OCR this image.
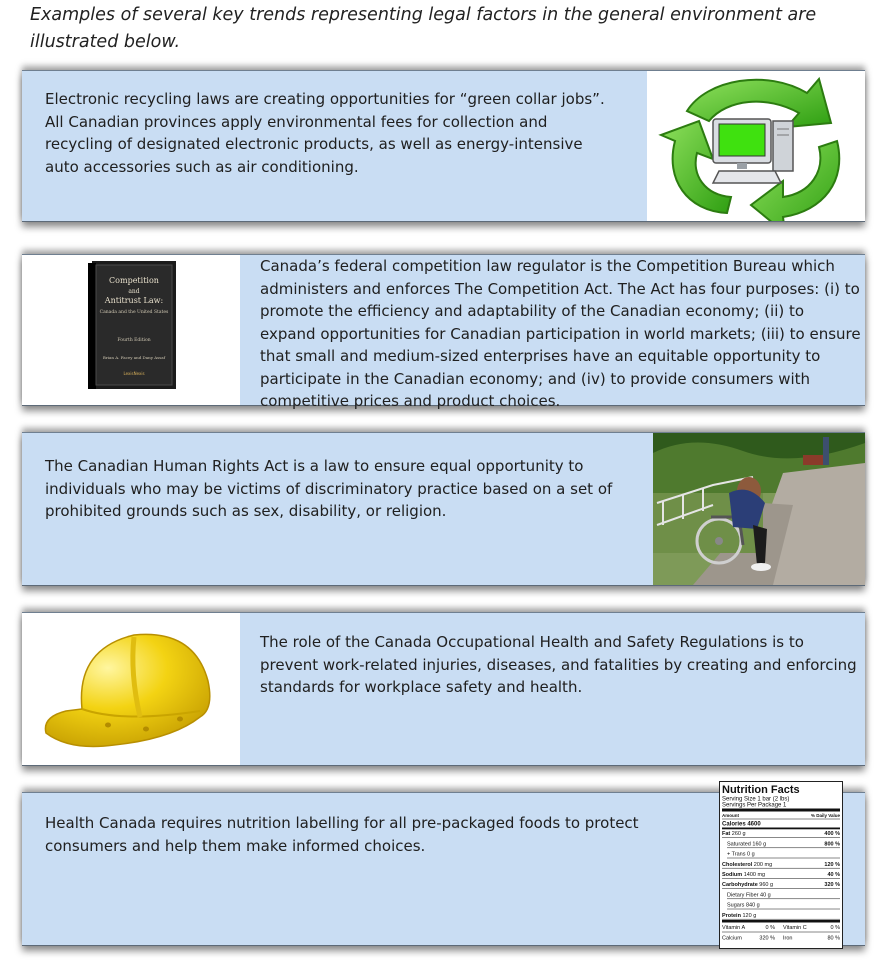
Examples of several key trends representing legal factors in the general environment are illustrated below.
Electronic recycling laws are creating opportunities for “green collar jobs”. All Canadian provinces apply environmental fees for collection and recycling of designated electronic products, as well as energy-intensive auto accessories such as air conditioning.
Competition
and
Antitrust Law:
Canada and the United States
Fourth Edition
Brian A. Facey and Dany Assaf
LexisNexis
Canada’s federal competition law regulator is the Competition Bureau which administers and enforces The Competition Act. The Act has four purposes: (i) to promote the efficiency and adaptability of the Canadian economy; (ii) to expand opportunities for Canadian participation in world markets; (iii) to ensure that small and medium-sized enterprises have an equitable opportunity to participate in the Canadian economy; and (iv) to provide consumers with competitive prices and product choices.
The Canadian Human Rights Act is a law to ensure equal opportunity to individuals who may be victims of discriminatory practice based on a set of prohibited grounds such as sex, disability, or religion.
The role of the Canada Occupational Health and Safety Regulations is to prevent work-related injuries, diseases, and fatalities by creating and enforcing standards for workplace safety and health.
Health Canada requires nutrition labelling for all pre-packaged foods to protect consumers and help them make informed choices.
Nutrition Facts
Serving Size 1 bar (2 lbs)
Servings Per Package 1
Amount	% Daily Value
Calories 4600
Fat 260 g	400 %
Saturated 160 g	800 %
+ Trans 0 g
Cholesterol 200 mg	120 %
Sodium 1400 mg	40 %
Carbohydrate 960 g	320 %
Dietary Fiber 40 g
Sugars 840 g
Protein 120 g
Vitamin A	0 % Vitamin C	0 %
Calcium	320 % Iron	80 %
